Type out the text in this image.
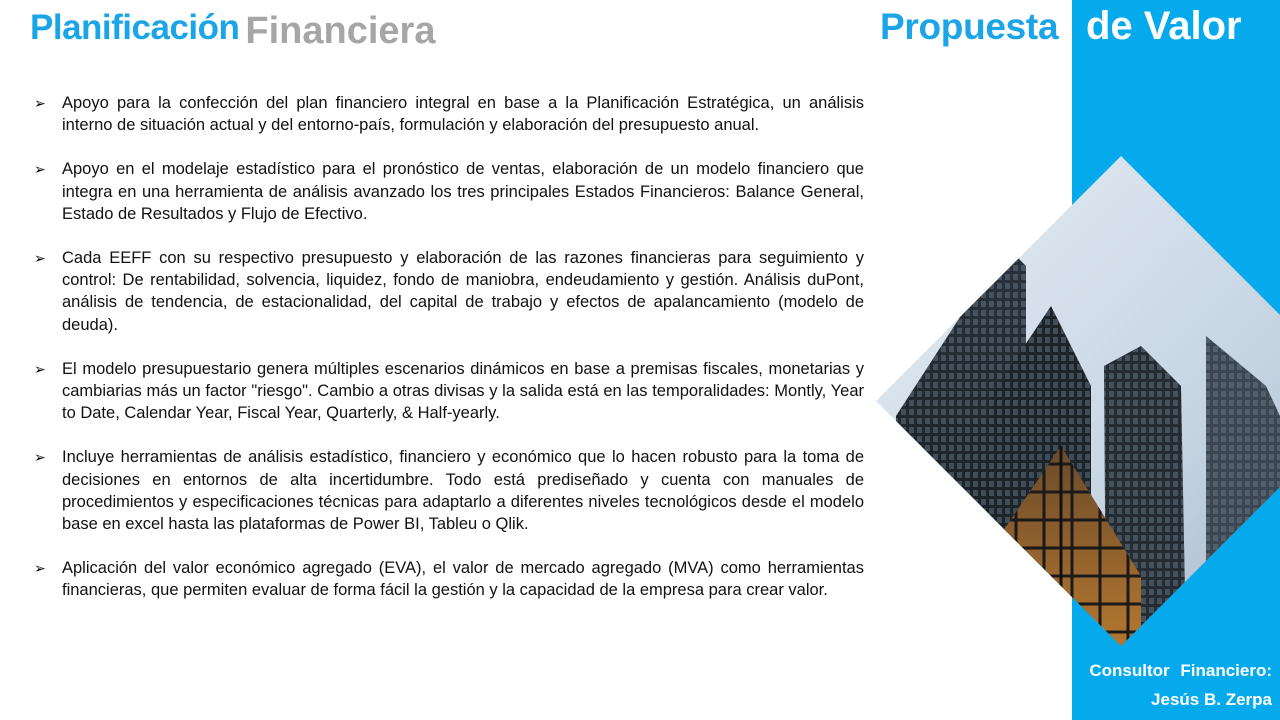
Planificación Financiera	Propuesta de Valor
➢ Apoyo para la confección del plan financiero integral en base a la Planificación Estratégica, un análisis interno de situación actual y del entorno-país, formulación y elaboración del presupuesto anual.
➢ Apoyo en el modelaje estadístico para el pronóstico de ventas, elaboración de un modelo financiero que integra en una herramienta de análisis avanzado los tres principales Estados Financieros: Balance General, Estado de Resultados y Flujo de Efectivo.
➢ Cada EEFF con su respectivo presupuesto y elaboración de las razones financieras para seguimiento y control: De rentabilidad, solvencia, liquidez, fondo de maniobra, endeudamiento y gestión. Análisis duPont, análisis de tendencia, de estacionalidad, del capital de trabajo y efectos de apalancamiento (modelo de deuda).
➢ El modelo presupuestario genera múltiples escenarios dinámicos en base a premisas fiscales, monetarias y cambiarias más un factor "riesgo". Cambio a otras divisas y la salida está en las temporalidades: Montly, Year to Date, Calendar Year, Fiscal Year, Quarterly, & Half-yearly.
➢ Incluye herramientas de análisis estadístico, financiero y económico que lo hacen robusto para la toma de decisiones en entornos de alta incertidumbre. Todo está prediseñado y cuenta con manuales de procedimientos y especificaciones técnicas para adaptarlo a diferentes niveles tecnológicos desde el modelo base en excel hasta las plataformas de Power BI, Tableu o Qlik.
➢ Aplicación del valor económico agregado (EVA), el valor de mercado agregado (MVA) como herramientas financieras, que permiten evaluar de forma fácil la gestión y la capacidad de la empresa para crear valor.
Consultor Financiero:
Jesús B. Zerpa
